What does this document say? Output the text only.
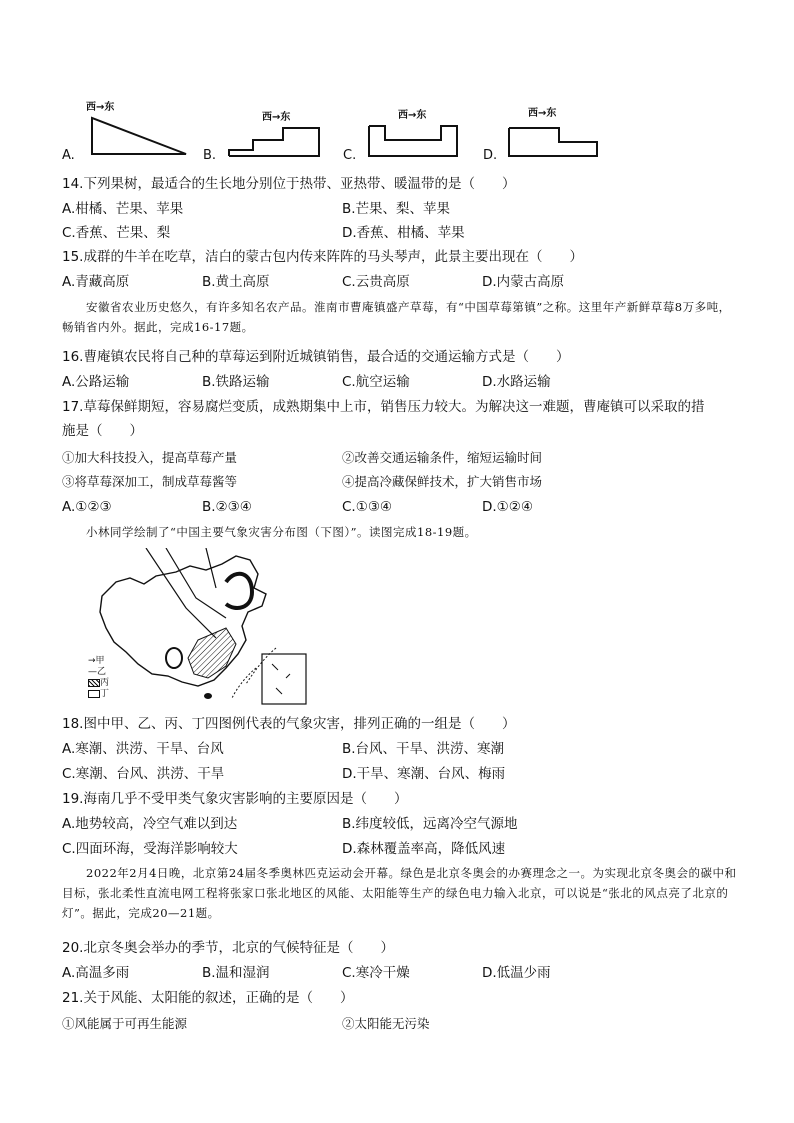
A.
西→东
B.
西→东
C.
西→东
D.
西→东
14.下列果树，最适合的生长地分别位于热带、亚热带、暖温带的是（　　）
A.柑橘、芒果、苹果	B.芒果、梨、苹果
C.香蕉、芒果、梨	D.香蕉、柑橘、苹果
15.成群的牛羊在吃草，洁白的蒙古包内传来阵阵的马头琴声，此景主要出现在（　　）
A.青藏高原	B.黄土高原	C.云贵高原	D.内蒙古高原
安徽省农业历史悠久，有许多知名农产品。淮南市曹庵镇盛产草莓，有“中国草莓第镇”之称。这里年产新鲜草莓8万多吨，畅销省内外。据此，完成16-17题。
16.曹庵镇农民将自己种的草莓运到附近城镇销售，最合适的交通运输方式是（　　）
A.公路运输	B.铁路运输	C.航空运输	D.水路运输
17.草莓保鲜期短，容易腐烂变质，成熟期集中上市，销售压力较大。为解决这一难题，曹庵镇可以采取的措
施是（　　）
①加大科技投入，提高草莓产量	②改善交通运输条件，缩短运输时间
③将草莓深加工，制成草莓酱等	④提高冷藏保鲜技术，扩大销售市场
A.①②③	B.②③④	C.①③④	D.①②④
小林同学绘制了“中国主要气象灾害分布图（下图）”。读图完成18-19题。
→甲
—乙
丙
丁
18.图中甲、乙、丙、丁四图例代表的气象灾害，排列正确的一组是（　　）
A.寒潮、洪涝、干旱、台风	B.台风、干旱、洪涝、寒潮
C.寒潮、台风、洪涝、干旱	D.干旱、寒潮、台风、梅雨
19.海南几乎不受甲类气象灾害影响的主要原因是（　　）
A.地势较高，冷空气难以到达	B.纬度较低，远离冷空气源地
C.四面环海，受海洋影响较大	D.森林覆盖率高，降低风速
2022年2月4日晚，北京第24届冬季奥林匹克运动会开幕。绿色是北京冬奥会的办赛理念之一。为实现北京冬奥会的碳中和目标，张北柔性直流电网工程将张家口张北地区的风能、太阳能等生产的绿色电力输入北京，可以说是“张北的风点亮了北京的灯”。据此，完成20—21题。
20.北京冬奥会举办的季节，北京的气候特征是（　　）
A.高温多雨	B.温和湿润	C.寒冷干燥	D.低温少雨
21.关于风能、太阳能的叙述，正确的是（　　）
①风能属于可再生能源	②太阳能无污染
